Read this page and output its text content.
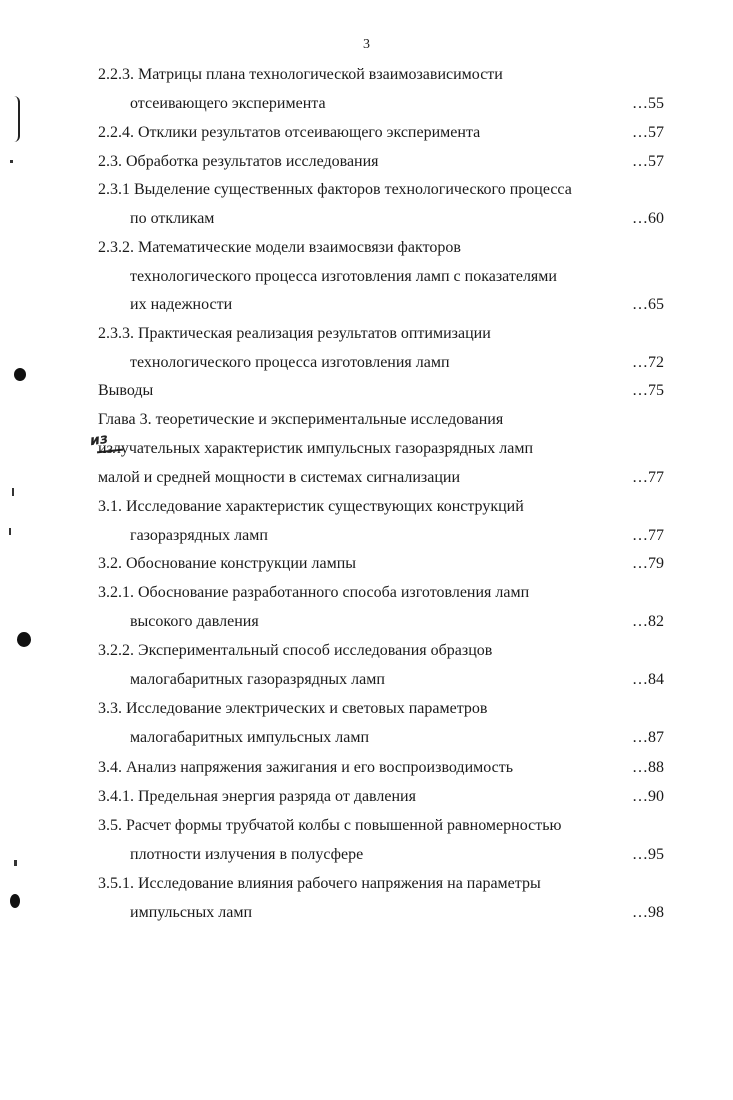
3
из
2.2.3. Матрицы плана технологической взаимозависимости
отсеивающего эксперимента	…55
2.2.4. Отклики результатов отсеивающего эксперимента	…57
2.3. Обработка результатов исследования	…57
2.3.1 Выделение существенных факторов технологического процесса
по откликам	…60
2.3.2. Математические модели взаимосвязи факторов
технологического процесса изготовления ламп с показателями
их надежности	…65
2.3.3. Практическая реализация результатов оптимизации
технологического процесса изготовления ламп	…72
Выводы	…75
Глава 3. теоретические и экспериментальные исследования
излучательных характеристик импульсных газоразрядных ламп
малой и средней мощности в системах сигнализации	…77
3.1. Исследование характеристик существующих конструкций
газоразрядных ламп	…77
3.2. Обоснование конструкции лампы	…79
3.2.1. Обоснование разработанного способа изготовления ламп
высокого давления	…82
3.2.2. Экспериментальный способ исследования образцов
малогабаритных газоразрядных ламп	…84
3.3. Исследование электрических и световых параметров
малогабаритных импульсных ламп	…87
3.4. Анализ напряжения зажигания и его воспроизводимость	…88
3.4.1. Предельная энергия разряда от давления	…90
3.5. Расчет формы трубчатой колбы с повышенной равномерностью
плотности излучения в полусфере	…95
3.5.1. Исследование влияния рабочего напряжения на параметры
импульсных ламп	…98
